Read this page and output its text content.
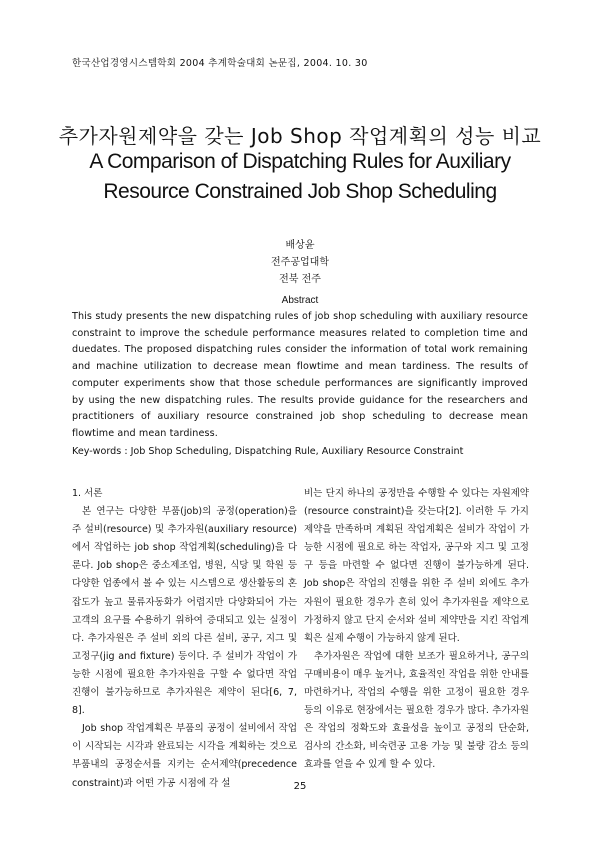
한국산업경영시스템학회 2004 추계학술대회 논문집, 2004. 10. 30
추가자원제약을 갖는 Job Shop 작업계획의 성능 비교
A Comparison of Dispatching Rules for Auxiliary
Resource Constrained Job Shop Scheduling
배상윤
전주공업대학
전북 전주
Abstract
This study presents the new dispatching rules of job shop scheduling with auxiliary resource constraint to improve the schedule performance measures related to completion time and duedates. The proposed dispatching rules consider the information of total work remaining and machine utilization to decrease mean flowtime and mean tardiness. The results of computer experiments show that those schedule performances are significantly improved by using the new dispatching rules. The results provide guidance for the researchers and practitioners of auxiliary resource constrained job shop scheduling to decrease mean flowtime and mean tardiness.
Key-words : Job Shop Scheduling, Dispatching Rule, Auxiliary Resource Constraint

1. 서론

본 연구는 다양한 부품(job)의 공정(operation)을 주 설비(resource) 및 추가자원(auxiliary resource)에서 작업하는 job shop 작업계획(scheduling)을 다룬다. Job shop은 중소제조업, 병원, 식당 및 학원 등 다양한 업종에서 볼 수 있는 시스템으로 생산활동의 혼잡도가 높고 물류자동화가 어렵지만 다양화되어 가는 고객의 요구를 수용하기 위하여 증대되고 있는 실정이다. 추가자원은 주 설비 외의 다른 설비, 공구, 지그 및 고정구(jig and fixture) 등이다. 주 설비가 작업이 가능한 시점에 필요한 추가자원을 구할 수 없다면 작업 진행이 불가능하므로 추가자원은 제약이 된다[6, 7, 8].

Job shop 작업계획은 부품의 공정이 설비에서 작업이 시작되는 시각과 완료되는 시각을 계획하는 것으로 부품내의 공정순서를 지키는 순서제약(precedence constraint)과 어떤 가공 시점에 각 설

비는 단지 하나의 공정만을 수행할 수 있다는 자원제약(resource constraint)을 갖는다[2]. 이러한 두 가지 제약을 만족하며 계획된 작업계획은 설비가 작업이 가능한 시점에 필요로 하는 작업자, 공구와 지그 및 고정구 등을 마련할 수 없다면 진행이 불가능하게 된다. Job shop은 작업의 진행을 위한 주 설비 외에도 추가자원이 필요한 경우가 흔히 있어 추가자원을 제약으로 가정하지 않고 단지 순서와 설비 제약만을 지킨 작업계획은 실제 수행이 가능하지 않게 된다.

추가자원은 작업에 대한 보조가 필요하거나, 공구의 구매비용이 매우 높거나, 효율적인 작업을 위한 안내를 마련하거나, 작업의 수행을 위한 고정이 필요한 경우 등의 이유로 현장에서는 필요한 경우가 많다. 추가자원은 작업의 정확도와 효율성을 높이고 공정의 단순화, 검사의 간소화, 비숙련공 고용 가능 및 불량 감소 등의 효과를 얻을 수 있게 할 수 있다.

25
